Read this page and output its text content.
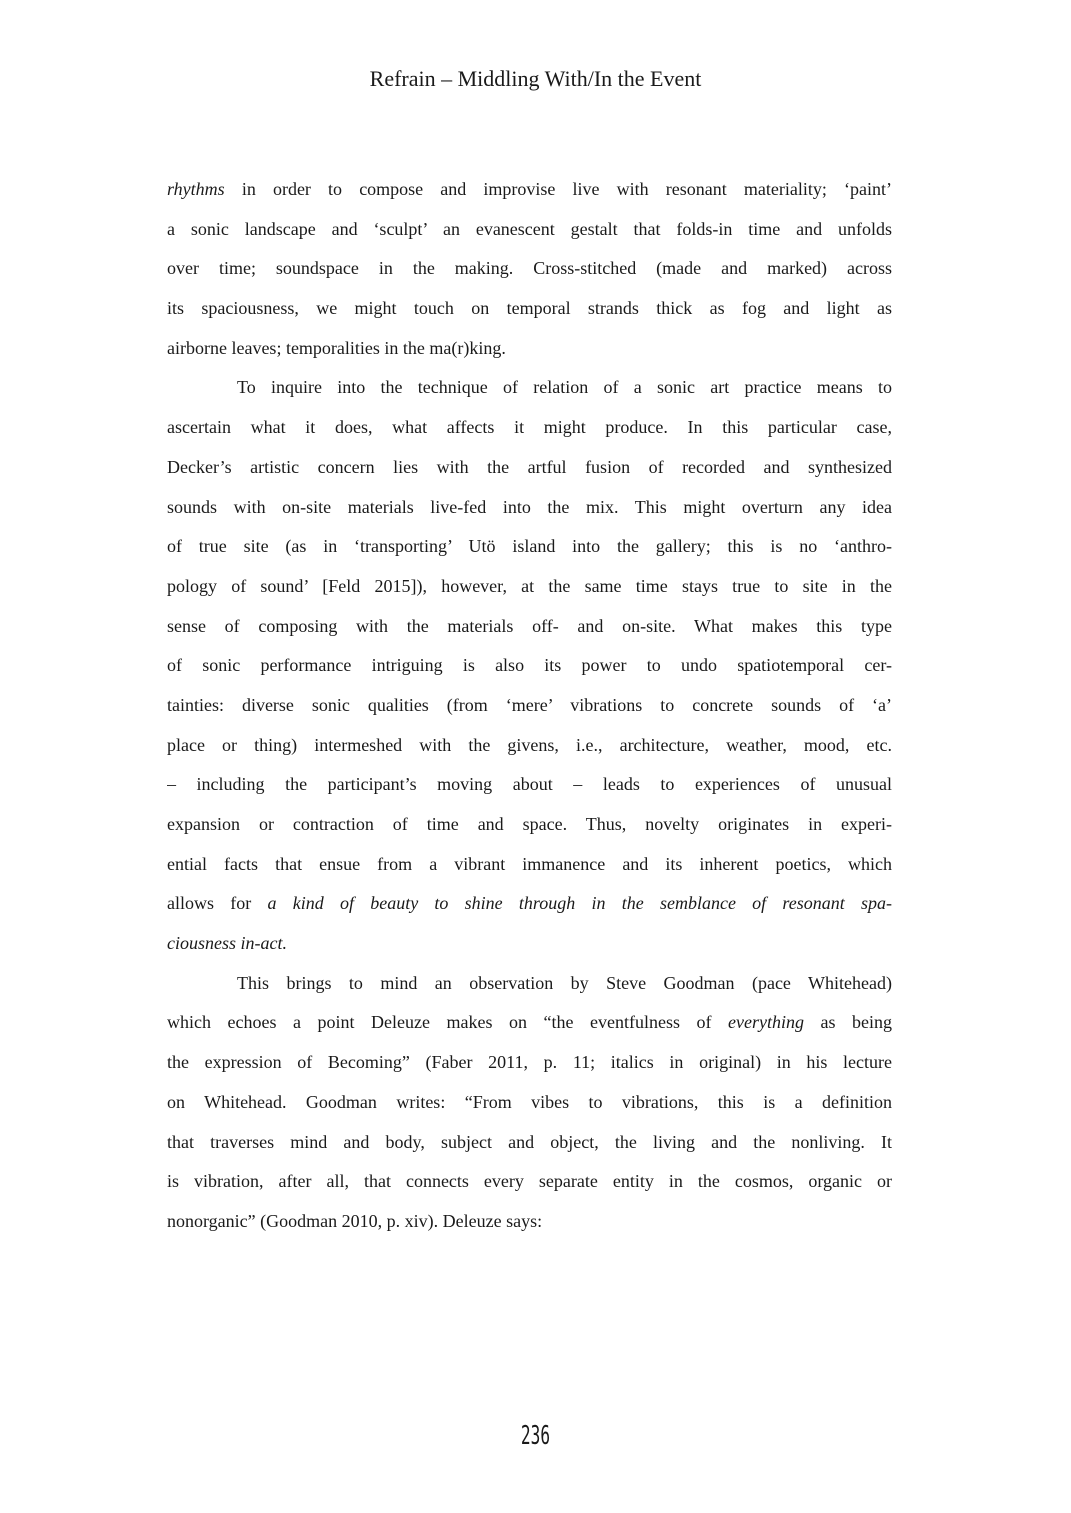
Refrain – Middling With/In the Event
rhythms in order to compose and improvise live with resonant materiality; ‘paint’
a sonic landscape and ‘sculpt’ an evanescent gestalt that folds-in time and unfolds
over time; soundspace in the making. Cross-stitched (made and marked) across
its spaciousness, we might touch on temporal strands thick as fog and light as
airborne leaves; temporalities in the ma(r)king.
To inquire into the technique of relation of a sonic art practice means to
ascertain what it does, what affects it might produce. In this particular case,
Decker’s artistic concern lies with the artful fusion of recorded and synthesized
sounds with on-site materials live-fed into the mix. This might overturn any idea
of true site (as in ‘transporting’ Utö island into the gallery; this is no ‘anthro-
pology of sound’ [Feld 2015]), however, at the same time stays true to site in the
sense of composing with the materials off- and on-site. What makes this type
of sonic performance intriguing is also its power to undo spatiotemporal cer-
tainties: diverse sonic qualities (from ‘mere’ vibrations to concrete sounds of ‘a’
place or thing) intermeshed with the givens, i.e., architecture, weather, mood, etc.
– including the participant’s moving about – leads to experiences of unusual
expansion or contraction of time and space. Thus, novelty originates in experi-
ential facts that ensue from a vibrant immanence and its inherent poetics, which
allows for a kind of beauty to shine through in the semblance of resonant spa-
ciousness in-act.
This brings to mind an observation by Steve Goodman (pace Whitehead)
which echoes a point Deleuze makes on “the eventfulness of everything as being
the expression of Becoming” (Faber 2011, p. 11; italics in original) in his lecture
on Whitehead. Goodman writes: “From vibes to vibrations, this is a definition
that traverses mind and body, subject and object, the living and the nonliving. It
is vibration, after all, that connects every separate entity in the cosmos, organic or
nonorganic” (Goodman 2010, p. xiv). Deleuze says:
236
